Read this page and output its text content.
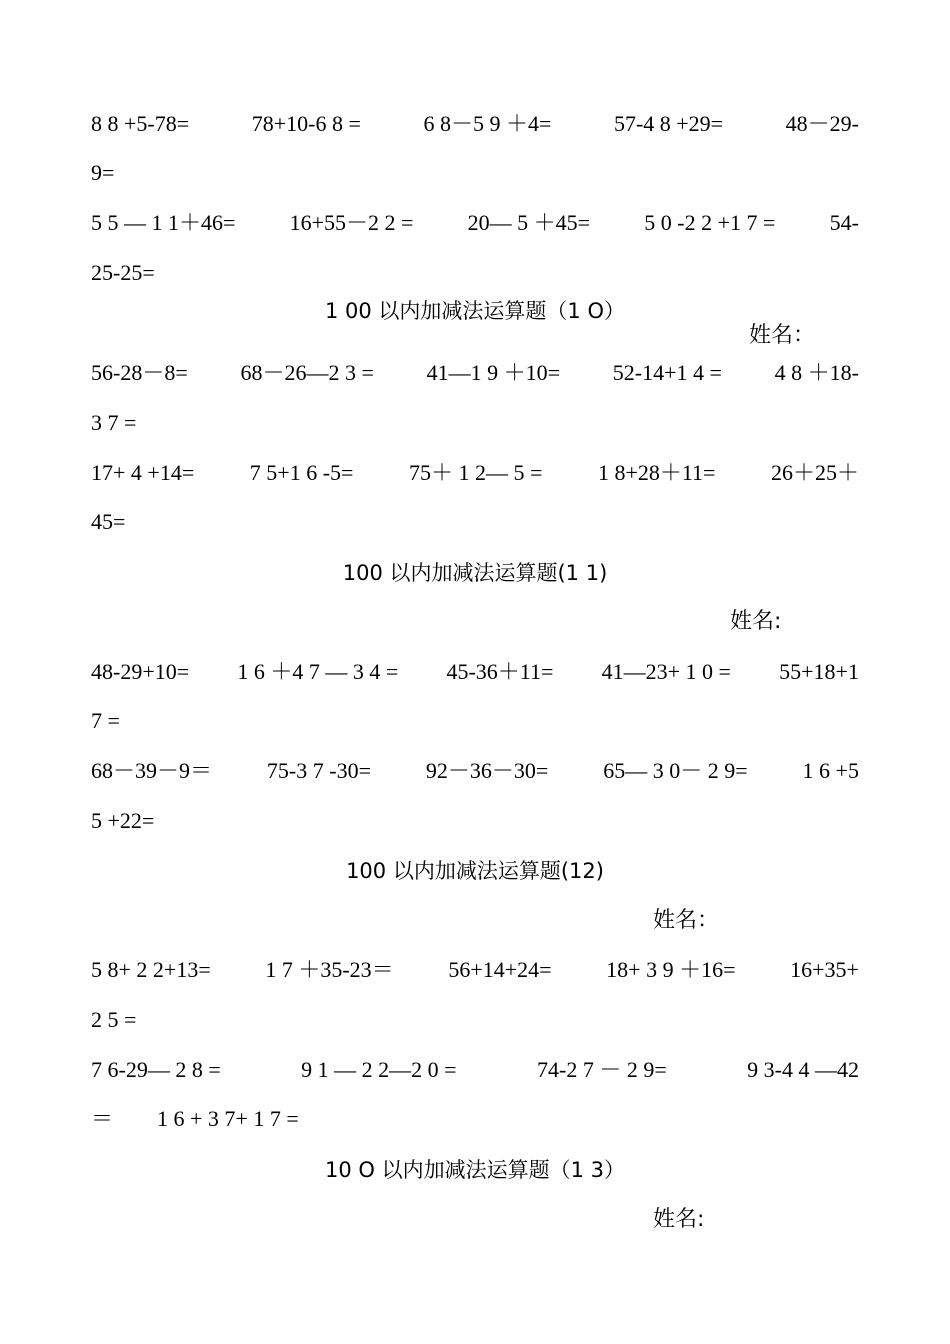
8 8 +5-78=	78+10-6 8 =	6 8－5 9 ＋4=	57-4 8 +29=	48－29-
9=
5 5 — 1 1＋46= 16+55－2 2 = 20— 5 ＋45= 5 0 -2 2 +1 7 = 54-
25-25=
1 00 以内加减法运算题（1 O）
姓名：
56-28－8= 68－26—2 3 = 41—1 9 ＋10= 52-14+1 4 = 4 8 ＋18-
3 7 =
17+ 4 +14=	7 5+1 6 -5=	75＋ 1 2— 5 =	1 8+28＋11=	26＋25＋
45=
100 以内加减法运算题(1 1)
姓名:
48-29+10= 1 6 ＋4 7 — 3 4 = 45-36＋11= 41—23+ 1 0 = 55+18+1
7 =
68－39－9＝ 75-3 7 -30= 92－36－30= 65— 3 0－ 2 9= 1 6 +5
5 +22=
100 以内加减法运算题(12)
姓名：
5 8+ 2 2+13= 1 7 ＋35-23＝ 56+14+24= 18+ 3 9 ＋16= 16+35+
2 5 =
7 6-29— 2 8 =	9 1 — 2 2—2 0 =	74-2 7 － 2 9=	9 3-4 4 —42
＝        1 6 + 3 7+ 1 7 =
10 O 以内加减法运算题（1 3）
姓名:
